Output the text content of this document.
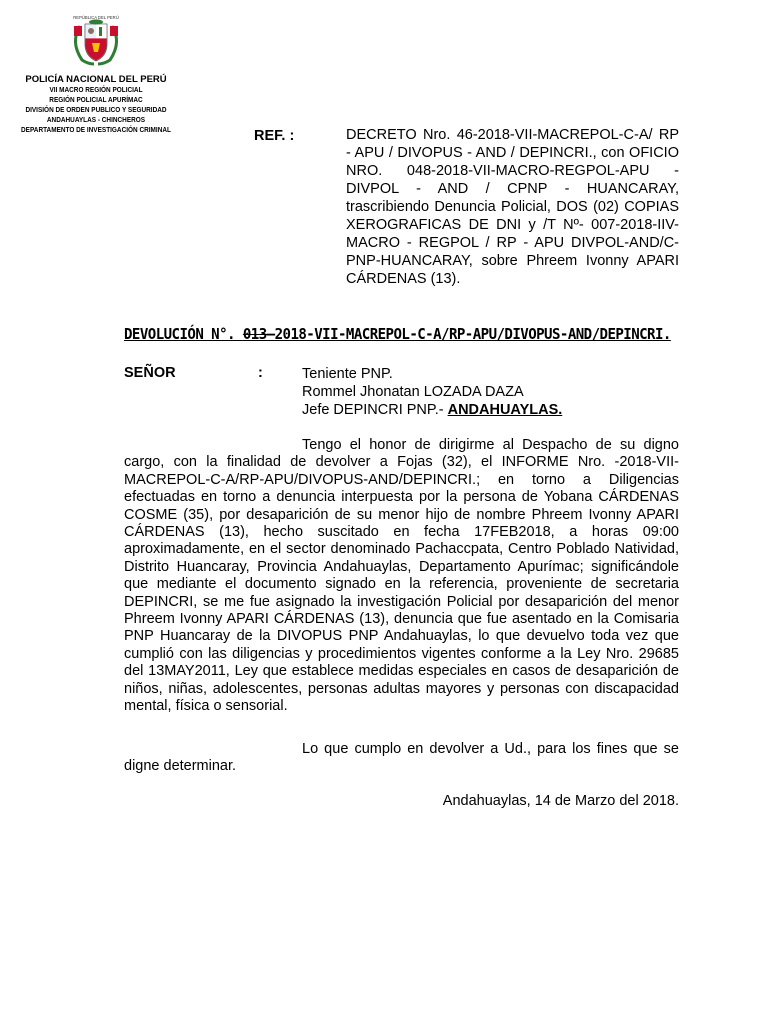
REPÚBLICA DEL PERÚ
POLICÍA NACIONAL DEL PERÚ
VII MACRO REGIÓN POLICIAL
REGIÓN POLICIAL APURÍMAC
DIVISIÓN DE ORDEN PUBLICO Y SEGURIDAD
ANDAHUAYLAS - CHINCHEROS
DEPARTAMENTO DE INVESTIGACIÓN CRIMINAL	REF. :	DECRETO Nro. 46-2018-VII-MACREPOL-C-A/ RP - APU / DIVOPUS - AND / DEPINCRI., con OFICIO NRO. 048-2018-VII-MACRO-REGPOL-APU - DIVPOL - AND / CPNP - HUANCARAY, trascribiendo Denuncia Policial, DOS (02) COPIAS XEROGRAFICAS DE DNI y /T Nº- 007-2018-IIV-MACRO - REGPOL / RP - APU DIVPOL-AND/C-PNP-HUANCARAY, sobre Phreem Ivonny APARI CÁRDENAS (13).
DEVOLUCIÓN N°. 013–2018-VII-MACREPOL-C-A/RP-APU/DIVOPUS-AND/DEPINCRI.
SEÑOR	:	Teniente PNP.
Rommel Jhonatan LOZADA DAZA
Jefe DEPINCRI PNP.- ANDAHUAYLAS.
Tengo el honor de dirigirme al Despacho de su digno cargo, con la finalidad de devolver a Fojas (32), el INFORME Nro. -2018-VII-MACREPOL-C-A/RP-APU/DIVOPUS-AND/DEPINCRI.; en torno a Diligencias efectuadas en torno a denuncia interpuesta por la persona de Yobana CÁRDENAS COSME (35), por desaparición de su menor hijo de nombre Phreem Ivonny APARI CÁRDENAS (13), hecho suscitado en fecha 17FEB2018, a horas 09:00 aproximadamente, en el sector denominado Pachaccpata, Centro Poblado Natividad, Distrito Huancaray, Provincia Andahuaylas, Departamento Apurímac; significándole que mediante el documento signado en la referencia, proveniente de secretaria DEPINCRI, se me fue asignado la investigación Policial por desaparición del menor Phreem Ivonny APARI CÁRDENAS (13), denuncia que fue asentado en la Comisaria PNP Huancaray de la DIVOPUS PNP Andahuaylas, lo que devuelvo toda vez que cumplió con las diligencias y procedimientos vigentes conforme a la Ley Nro. 29685 del 13MAY2011, Ley que establece medidas especiales en casos de desaparición de niños, niñas, adolescentes, personas adultas mayores y personas con discapacidad mental, física o sensorial.
Lo que cumplo en devolver a Ud., para los fines que se digne determinar.
Andahuaylas, 14 de Marzo del 2018.
